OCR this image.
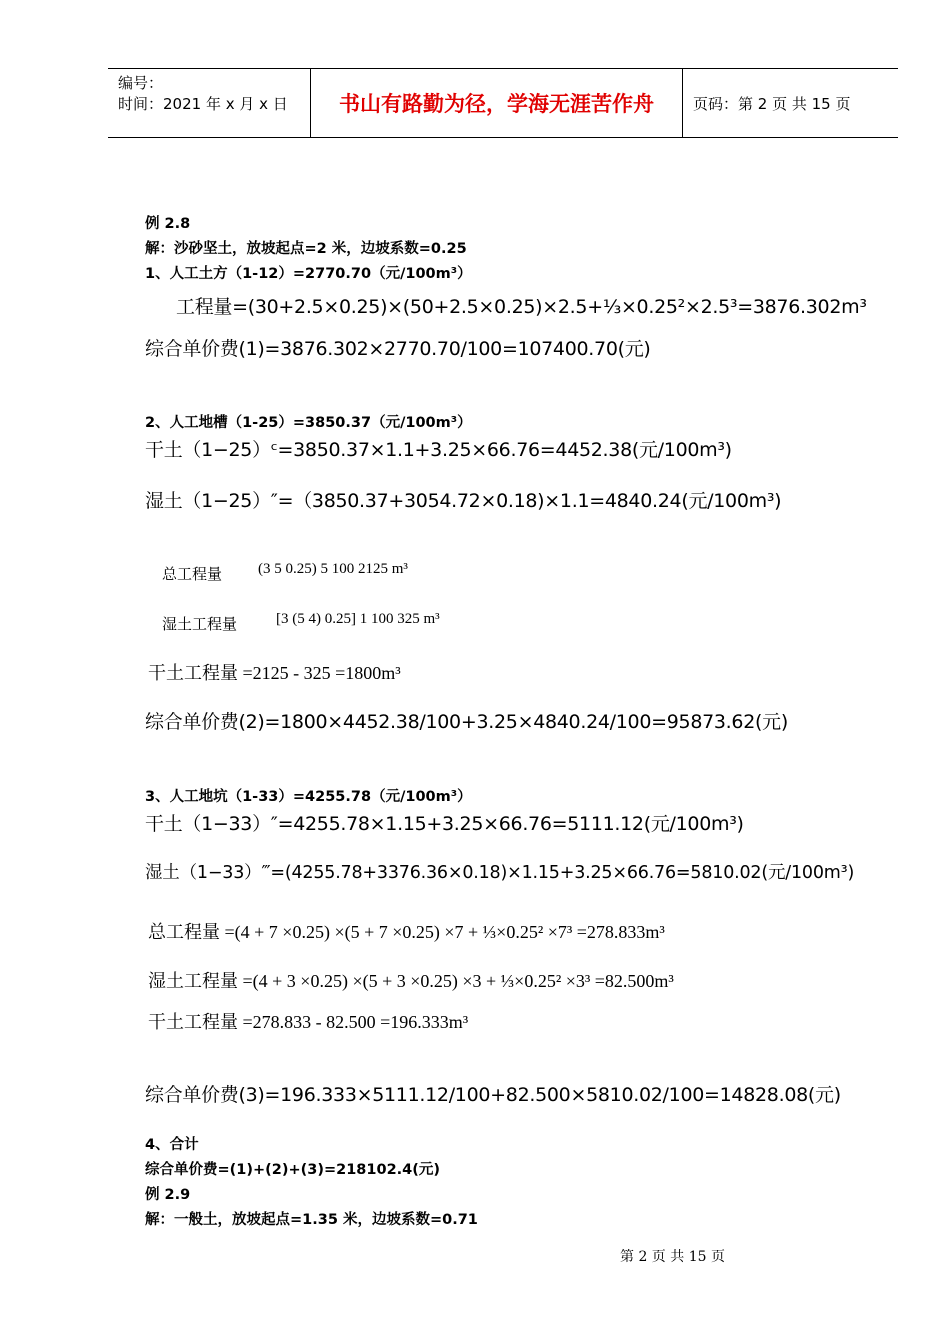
编号：
时间：2021 年 x 月 x 日	书山有路勤为径，学海无涯苦作舟	页码：第 2 页 共 15 页
例 2.8
解：沙砂坚土，放坡起点=2 米，边坡系数=0.25
1、人工土方（1-12）=2770.70（元/100m³）
工程量=(30+2.5×0.25)×(50+2.5×0.25)×2.5+⅓×0.25²×2.5³=3876.302m³
综合单价费(1)=3876.302×2770.70/100=107400.70(元)
2、人工地槽（1-25）=3850.37（元/100m³）
干土（1−25）ᶜ=3850.37×1.1+3.25×66.76=4452.38(元/100m³)
湿土（1−25）″=（3850.37+3054.72×0.18)×1.1=4840.24(元/100m³)
总工程量 (3 5 0.25) 5 100 2125 m³
湿土工程量	[3 (5 4) 0.25] 1 100 325 m³
干土工程量 =2125 - 325 =1800m³
综合单价费(2)=1800×4452.38/100+3.25×4840.24/100=95873.62(元)
3、人工地坑（1-33）=4255.78（元/100m³）
干土（1−33）″=4255.78×1.15+3.25×66.76=5111.12(元/100m³)
湿土（1−33）‴=(4255.78+3376.36×0.18)×1.15+3.25×66.76=5810.02(元/100m³)
总工程量 =(4 + 7 ×0.25) ×(5 + 7 ×0.25) ×7 + ⅓×0.25² ×7³ =278.833m³
湿土工程量 =(4 + 3 ×0.25) ×(5 + 3 ×0.25) ×3 + ⅓×0.25² ×3³ =82.500m³
干土工程量 =278.833 - 82.500 =196.333m³
综合单价费(3)=196.333×5111.12/100+82.500×5810.02/100=14828.08(元)
4、合计
综合单价费=(1)+(2)+(3)=218102.4(元)
例 2.9
解：一般土，放坡起点=1.35 米，边坡系数=0.71
第 2 页 共 15 页
